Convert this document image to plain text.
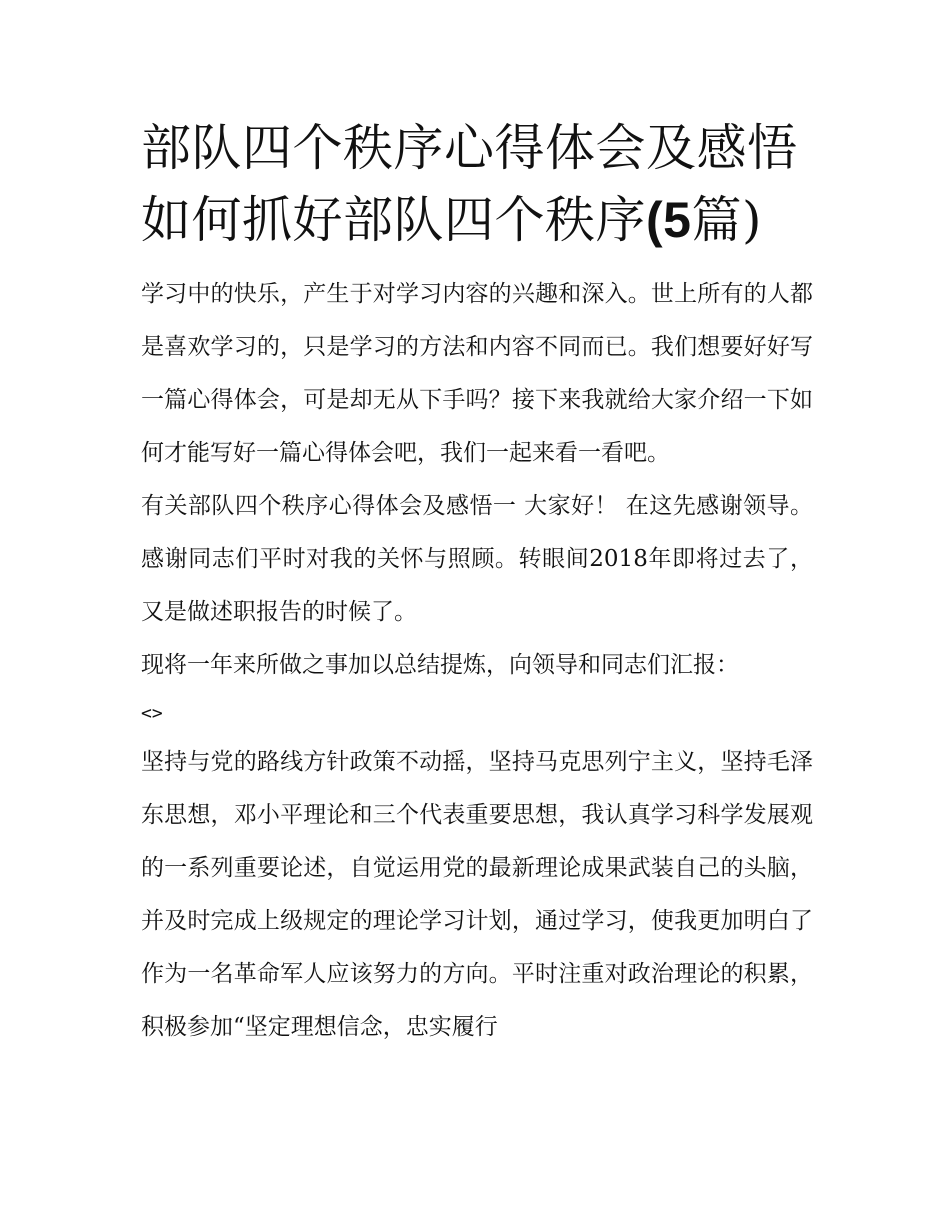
部队四个秩序心得体会及感悟
如何抓好部队四个秩序(5篇)

学习中的快乐，产生于对学习内容的兴趣和深入。世上所有的人都是喜欢学习的，只是学习的方法和内容不同而已。我们想要好好写一篇心得体会，可是却无从下手吗？接下来我就给大家介绍一下如何才能写好一篇心得体会吧，我们一起来看一看吧。

有关部队四个秩序心得体会及感悟一 大家好！ 在这先感谢领导。感谢同志们平时对我的关怀与照顾。转眼间2018年即将过去了，又是做述职报告的时候了。

现将一年来所做之事加以总结提炼，向领导和同志们汇报：

<>

坚持与党的路线方针政策不动摇，坚持马克思列宁主义，坚持毛泽东思想，邓小平理论和三个代表重要思想，我认真学习科学发展观的一系列重要论述，自觉运用党的最新理论成果武装自己的头脑，并及时完成上级规定的理论学习计划，通过学习，使我更加明白了作为一名革命军人应该努力的方向。平时注重对政治理论的积累，积极参加“坚定理想信念，忠实履行
